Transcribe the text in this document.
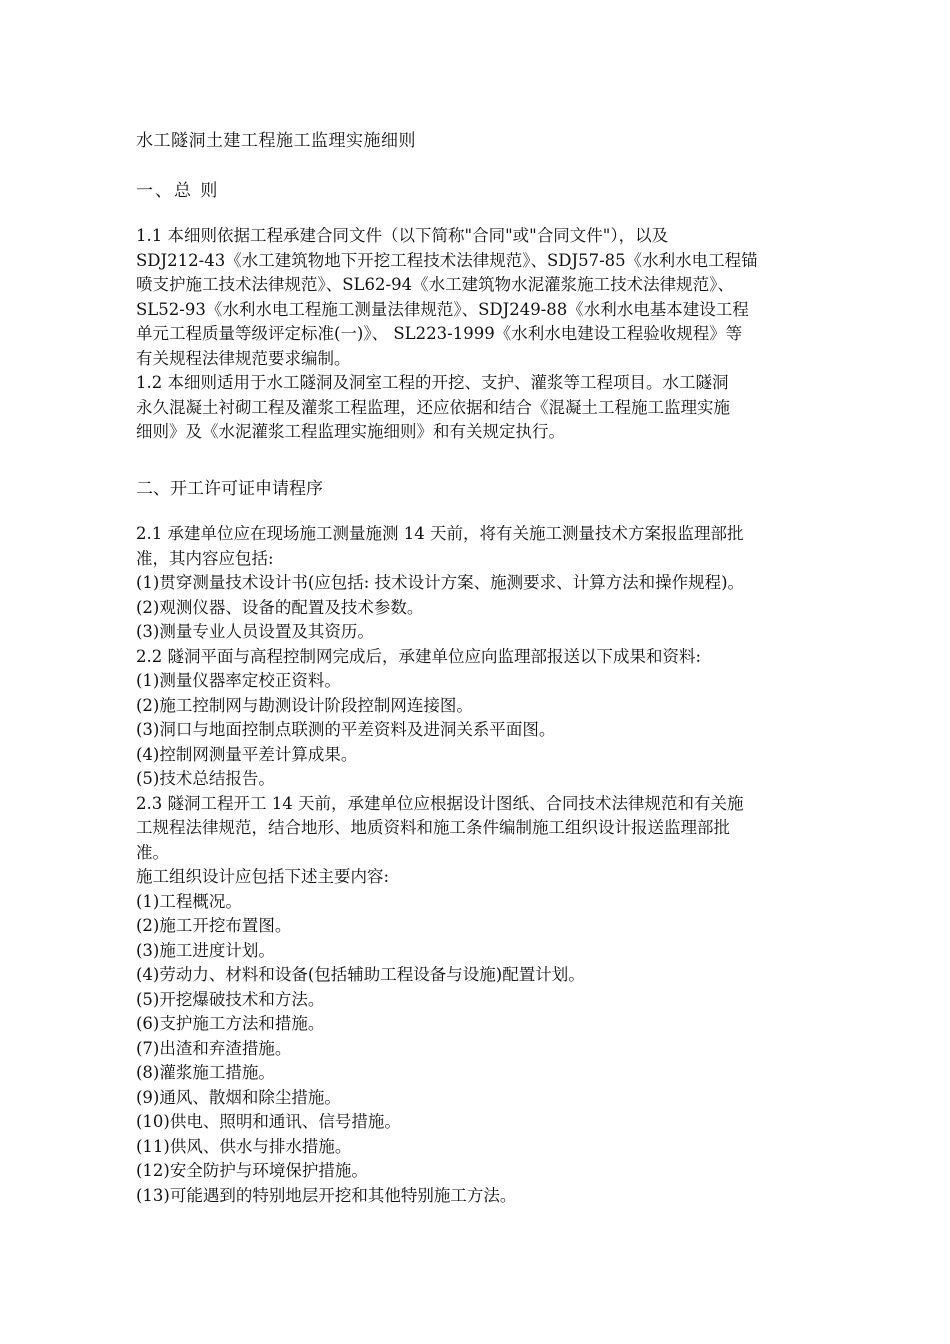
水工隧洞土建工程施工监理实施细则
一、总 则

1.1 本细则依据工程承建合同文件（以下简称"合同"或"合同文件"），以及

SDJ212-43《水工建筑物地下开挖工程技术法律规范》、SDJ57-85《水利水电工程锚

喷支护施工技术法律规范》、SL62-94《水工建筑物水泥灌浆施工技术法律规范》、

SL52-93《水利水电工程施工测量法律规范》、SDJ249-88《水利水电基本建设工程

单元工程质量等级评定标准(一)》、 SL223-1999《水利水电建设工程验收规程》等

有关规程法律规范要求编制。

1.2 本细则适用于水工隧洞及洞室工程的开挖、支护、灌浆等工程项目。水工隧洞

永久混凝土衬砌工程及灌浆工程监理，还应依据和结合《混凝土工程施工监理实施

细则》及《水泥灌浆工程监理实施细则》和有关规定执行。

二、开工许可证申请程序

2.1 承建单位应在现场施工测量施测 14 天前，将有关施工测量技术方案报监理部批

准，其内容应包括:

(1)贯穿测量技术设计书(应包括: 技术设计方案、施测要求、计算方法和操作规程)。

(2)观测仪器、设备的配置及技术参数。

(3)测量专业人员设置及其资历。

2.2 隧洞平面与高程控制网完成后，承建单位应向监理部报送以下成果和资料:

(1)测量仪器率定校正资料。

(2)施工控制网与勘测设计阶段控制网连接图。

(3)洞口与地面控制点联测的平差资料及进洞关系平面图。

(4)控制网测量平差计算成果。

(5)技术总结报告。

2.3 隧洞工程开工 14 天前，承建单位应根据设计图纸、合同技术法律规范和有关施

工规程法律规范，结合地形、地质资料和施工条件编制施工组织设计报送监理部批

准。

施工组织设计应包括下述主要内容:

(1)工程概况。

(2)施工开挖布置图。

(3)施工进度计划。

(4)劳动力、材料和设备(包括辅助工程设备与设施)配置计划。

(5)开挖爆破技术和方法。

(6)支护施工方法和措施。

(7)出渣和弃渣措施。

(8)灌浆施工措施。

(9)通风、散烟和除尘措施。

(10)供电、照明和通讯、信号措施。

(11)供风、供水与排水措施。

(12)安全防护与环境保护措施。

(13)可能遇到的特别地层开挖和其他特别施工方法。
